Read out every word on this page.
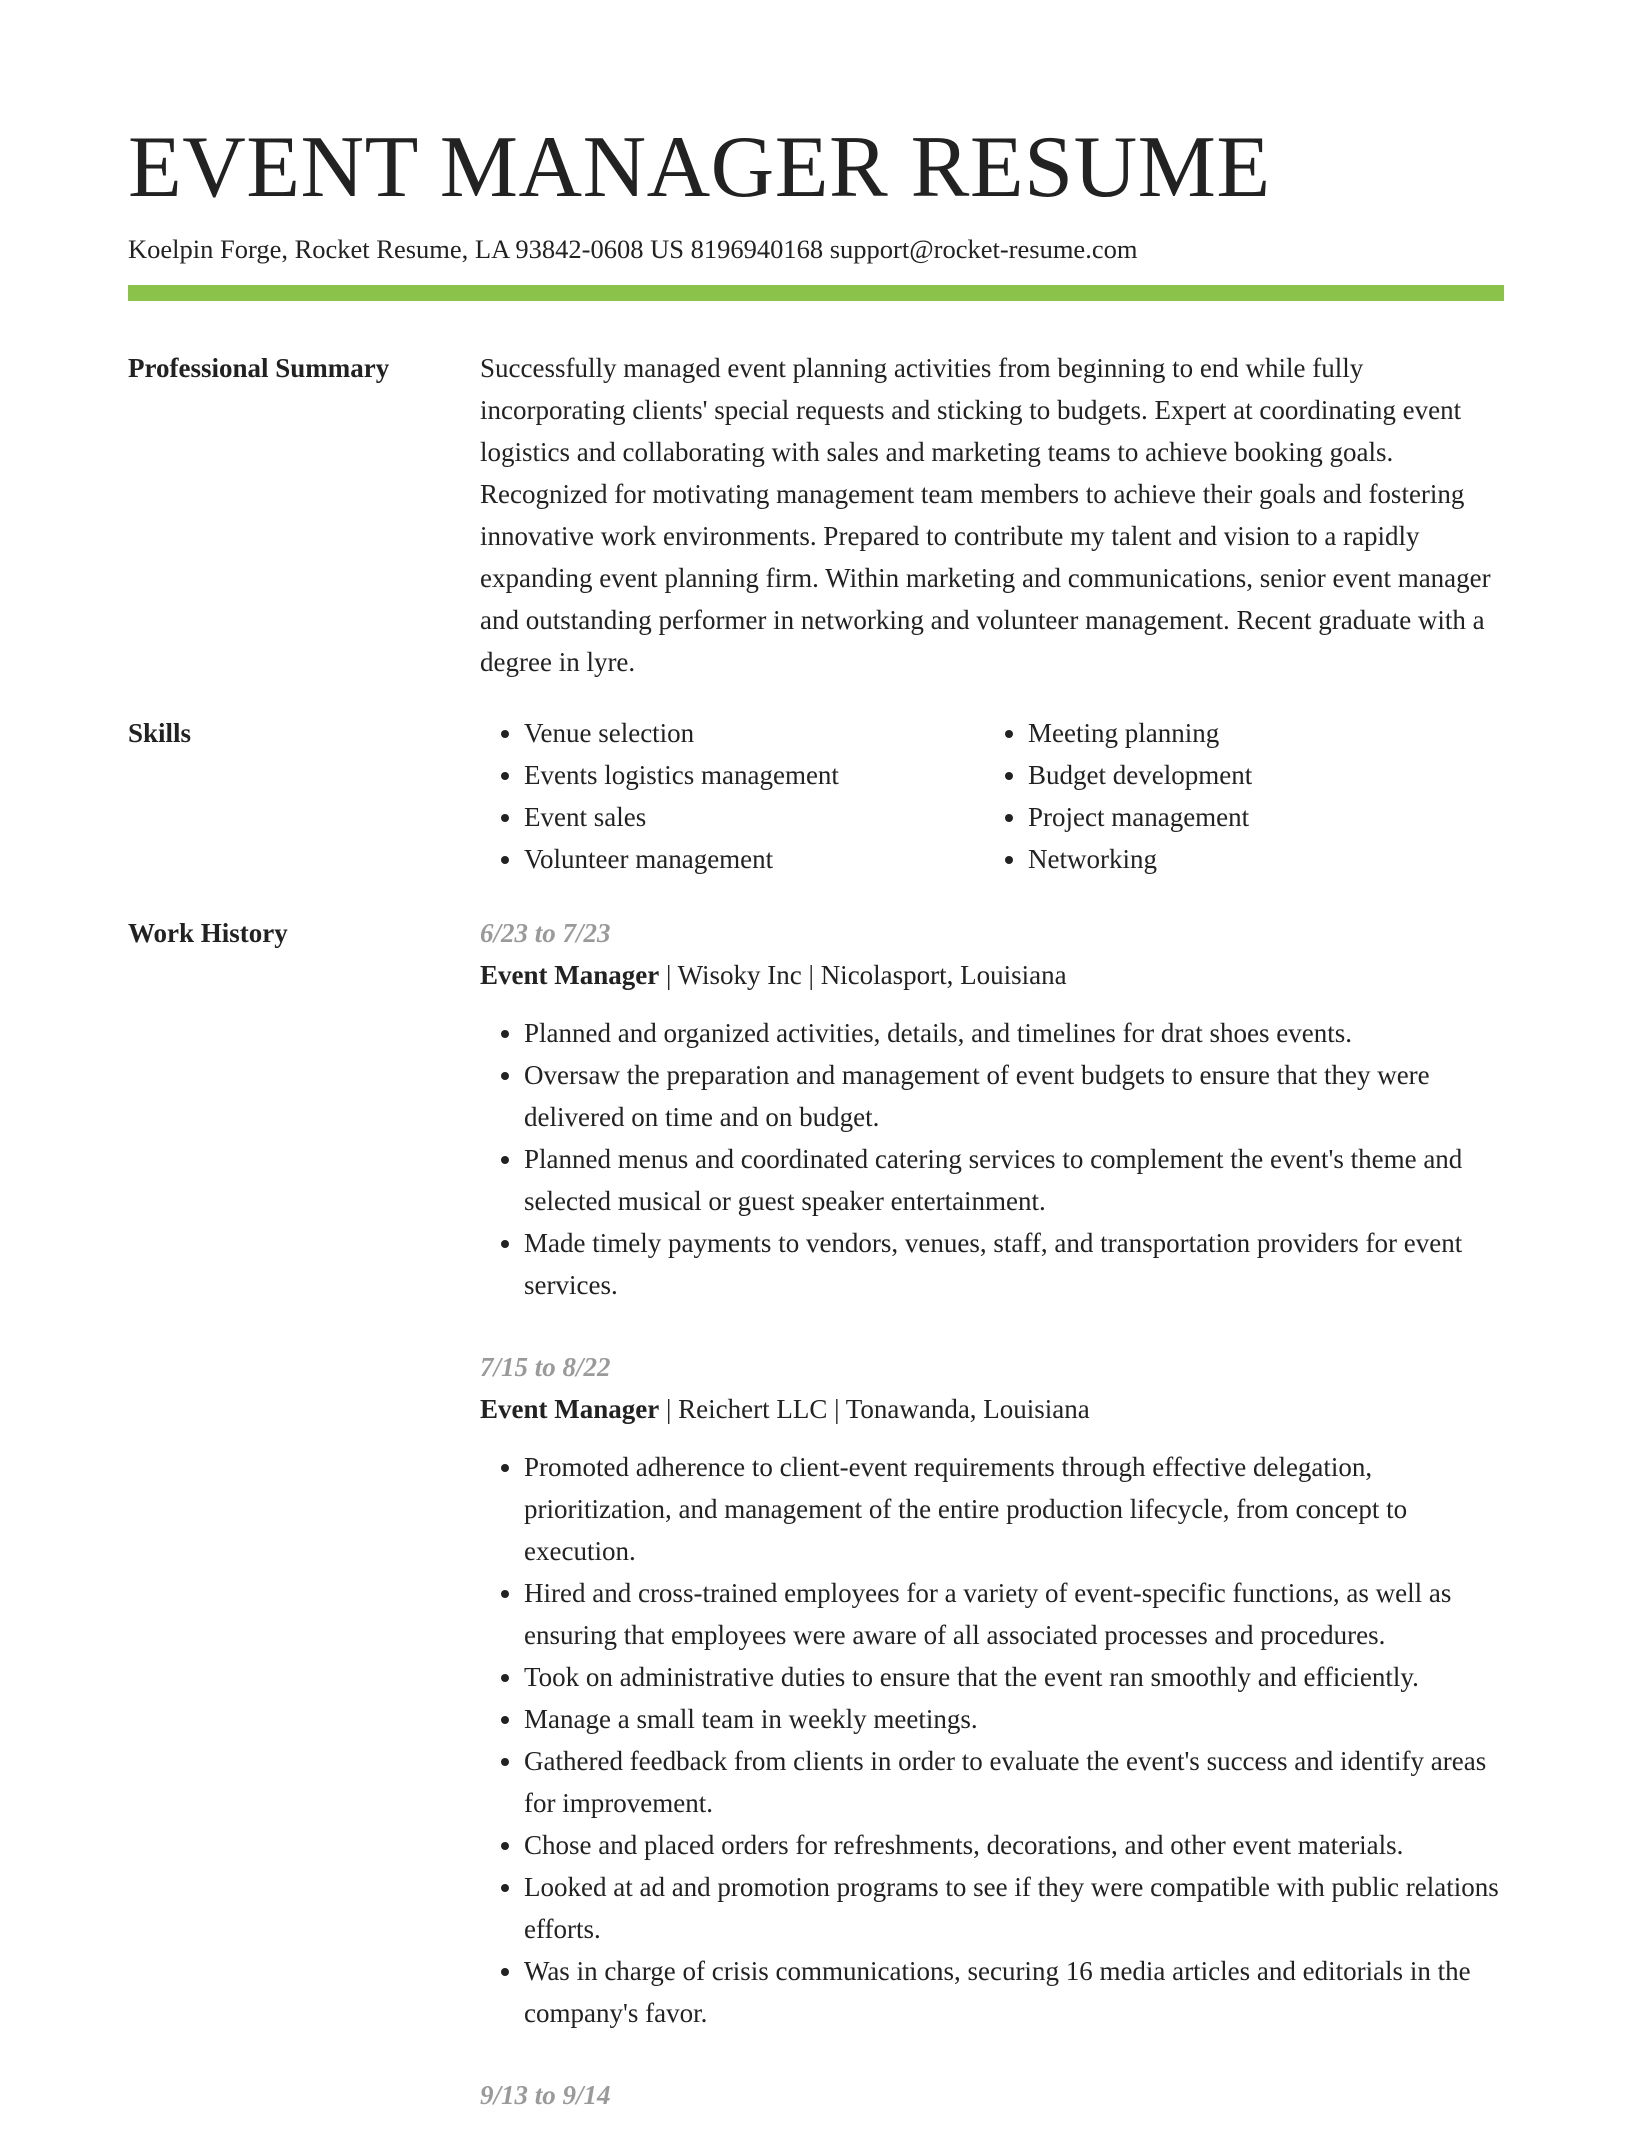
EVENT MANAGER RESUME
Koelpin Forge, Rocket Resume, LA 93842-0608 US 8196940168 support@rocket-resume.com
Professional Summary	Successfully managed event planning activities from beginning to end while fully incorporating clients' special requests and sticking to budgets. Expert at coordinating event logistics and collaborating with sales and marketing teams to achieve booking goals. Recognized for motivating management team members to achieve their goals and fostering innovative work environments. Prepared to contribute my talent and vision to a rapidly expanding event planning firm. Within marketing and communications, senior event manager and outstanding performer in networking and volunteer management. Recent graduate with a degree in lyre.

Skills
•	Venue selection
• Events logistics management
• Event sales
• Volunteer management
• Meeting planning
• Budget development
• Project management
• Networking
Work History	6/23 to 7/23
Event Manager | Wisoky Inc | Nicolasport, Louisiana
• Planned and organized activities, details, and timelines for drat shoes events.
• Oversaw the preparation and management of event budgets to ensure that they were delivered on time and on budget.
• Planned menus and coordinated catering services to complement the event's theme and selected musical or guest speaker entertainment.
• Made timely payments to vendors, venues, staff, and transportation providers for event services.
7/15 to 8/22
Event Manager | Reichert LLC | Tonawanda, Louisiana
• Promoted adherence to client-event requirements through effective delegation, prioritization, and management of the entire production lifecycle, from concept to execution.
• Hired and cross-trained employees for a variety of event-specific functions, as well as ensuring that employees were aware of all associated processes and procedures.
• Took on administrative duties to ensure that the event ran smoothly and efficiently.
• Manage a small team in weekly meetings.
• Gathered feedback from clients in order to evaluate the event's success and identify areas for improvement.
• Chose and placed orders for refreshments, decorations, and other event materials.
• Looked at ad and promotion programs to see if they were compatible with public relations efforts.
• Was in charge of crisis communications, securing 16 media articles and editorials in the company's favor.
9/13 to 9/14
